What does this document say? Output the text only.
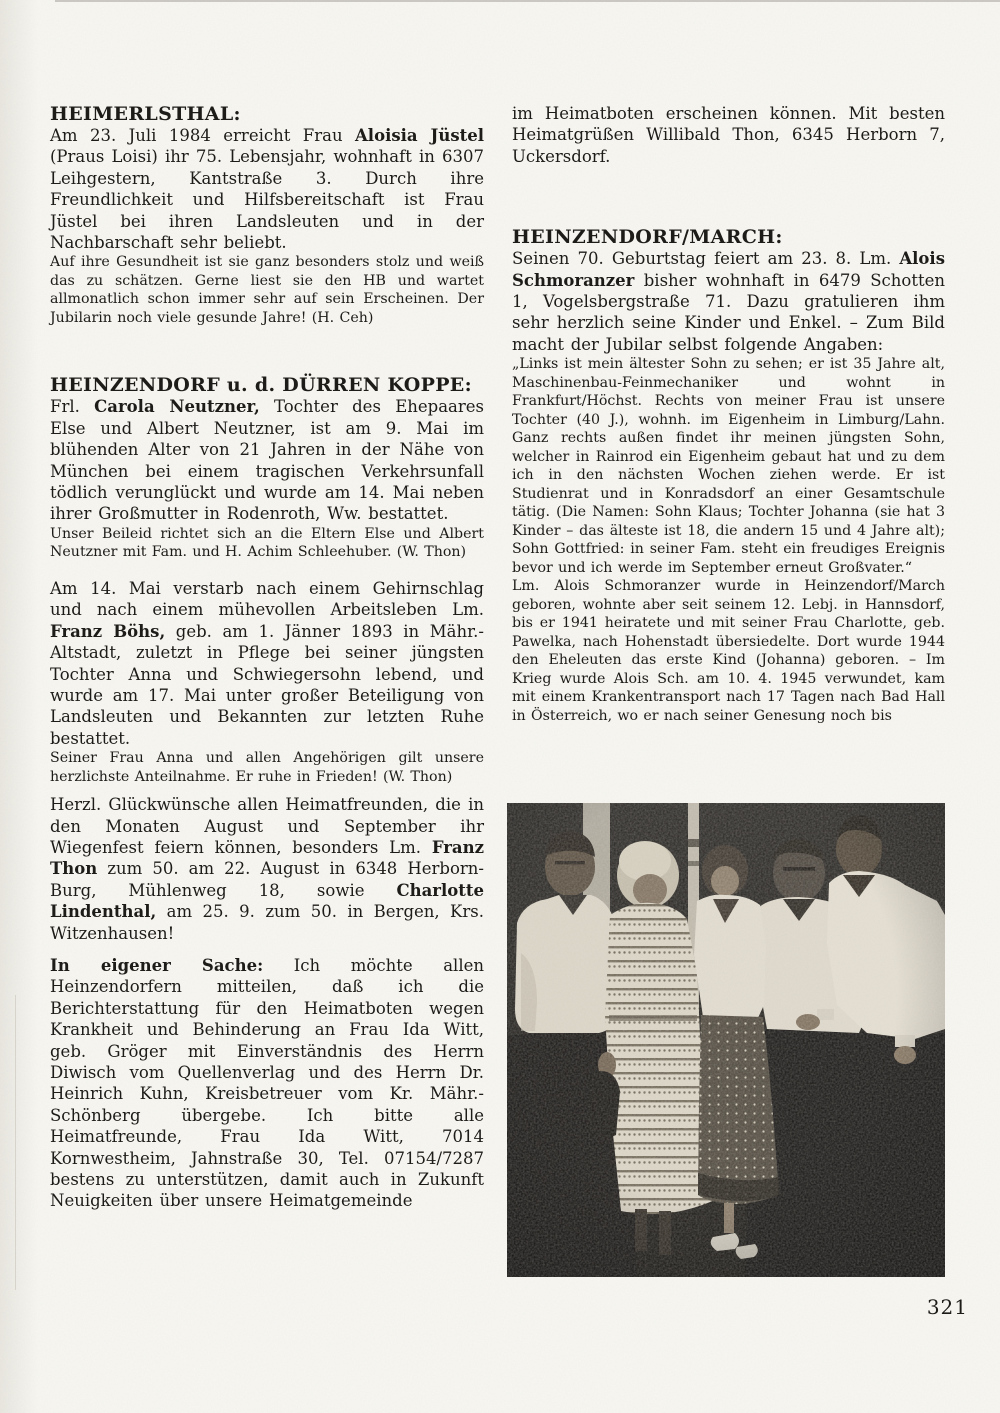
HEIMERLSTHAL:

Am 23. Juli 1984 erreicht Frau Aloisia Jüstel (Praus Loisi) ihr 75. Lebensjahr, wohnhaft in 6307 Leihgestern, Kantstraße 3. Durch ihre Freundlichkeit und Hilfsbereitschaft ist Frau Jüstel bei ihren Landsleuten und in der Nachbarschaft sehr beliebt.

Auf ihre Gesundheit ist sie ganz besonders stolz und weiß das zu schätzen. Gerne liest sie den HB und wartet allmonatlich schon immer sehr auf sein Erscheinen. Der Jubilarin noch viele gesunde Jahre! (H. Ceh)

HEINZENDORF u. d. DÜRREN KOPPE:

Frl. Carola Neutzner, Tochter des Ehepaares Else und Albert Neutzner, ist am 9. Mai im blühenden Alter von 21 Jahren in der Nähe von München bei einem tragischen Verkehrsunfall tödlich verunglückt und wurde am 14. Mai neben ihrer Großmutter in Rodenroth, Ww. bestattet.

Unser Beileid richtet sich an die Eltern Else und Albert Neutzner mit Fam. und H. Achim Schleehuber. (W. Thon)

Am 14. Mai verstarb nach einem Gehirnschlag und nach einem mühevollen Arbeitsleben Lm. Franz Böhs, geb. am 1. Jänner 1893 in Mähr.-Altstadt, zuletzt in Pflege bei seiner jüngsten Tochter Anna und Schwiegersohn lebend, und wurde am 17. Mai unter großer Beteiligung von Landsleuten und Bekannten zur letzten Ruhe bestattet.

Seiner Frau Anna und allen Angehörigen gilt unsere herzlichste Anteilnahme. Er ruhe in Frieden! (W. Thon)

Herzl. Glückwünsche allen Heimatfreunden, die in den Monaten August und September ihr Wiegenfest feiern können, besonders Lm. Franz Thon zum 50. am 22. August in 6348 Herborn-Burg, Mühlenweg 18, sowie Charlotte Lindenthal, am 25. 9. zum 50. in Bergen, Krs. Witzenhausen!

In eigener Sache: Ich möchte allen Heinzendorfern mitteilen, daß ich die Berichterstattung für den Heimatboten wegen Krankheit und Behinderung an Frau Ida Witt, geb. Gröger mit Einverständnis des Herrn Diwisch vom Quellenverlag und des Herrn Dr. Heinrich Kuhn, Kreisbetreuer vom Kr. Mähr.-Schönberg übergebe. Ich bitte alle Heimatfreunde, Frau Ida Witt, 7014 Kornwestheim, Jahnstraße 30, Tel. 07154/7287 bestens zu unterstützen, damit auch in Zukunft Neuigkeiten über unsere Heimatgemeinde

im Heimatboten erscheinen können. Mit besten Heimatgrüßen Willibald Thon, 6345 Herborn 7, Uckersdorf.

HEINZENDORF/MARCH:

Seinen 70. Geburtstag feiert am 23. 8. Lm. Alois Schmoranzer bisher wohnhaft in 6479 Schotten 1, Vogelsbergstraße 71. Dazu gratulieren ihm sehr herzlich seine Kinder und Enkel. – Zum Bild macht der Jubilar selbst folgende Angaben:

„Links ist mein ältester Sohn zu sehen; er ist 35 Jahre alt, Maschinenbau-Feinmechaniker und wohnt in Frankfurt/Höchst. Rechts von meiner Frau ist unsere Tochter (40 J.), wohnh. im Eigenheim in Limburg/Lahn. Ganz rechts außen findet ihr meinen jüngsten Sohn, welcher in Rainrod ein Eigenheim gebaut hat und zu dem ich in den nächsten Wochen ziehen werde. Er ist Studienrat und in Konradsdorf an einer Gesamtschule tätig. (Die Namen: Sohn Klaus; Tochter Johanna (sie hat 3 Kinder – das älteste ist 18, die andern 15 und 4 Jahre alt); Sohn Gottfried: in seiner Fam. steht ein freudiges Ereignis bevor und ich werde im September erneut Großvater.“

Lm. Alois Schmoranzer wurde in Heinzendorf/March geboren, wohnte aber seit seinem 12. Lebj. in Hannsdorf, bis er 1941 heiratete und mit seiner Frau Charlotte, geb. Pawelka, nach Hohenstadt übersiedelte. Dort wurde 1944 den Eheleuten das erste Kind (Johanna) geboren. – Im Krieg wurde Alois Sch. am 10. 4. 1945 verwundet, kam mit einem Krankentransport nach 17 Tagen nach Bad Hall in Österreich, wo er nach seiner Genesung noch bis

321
